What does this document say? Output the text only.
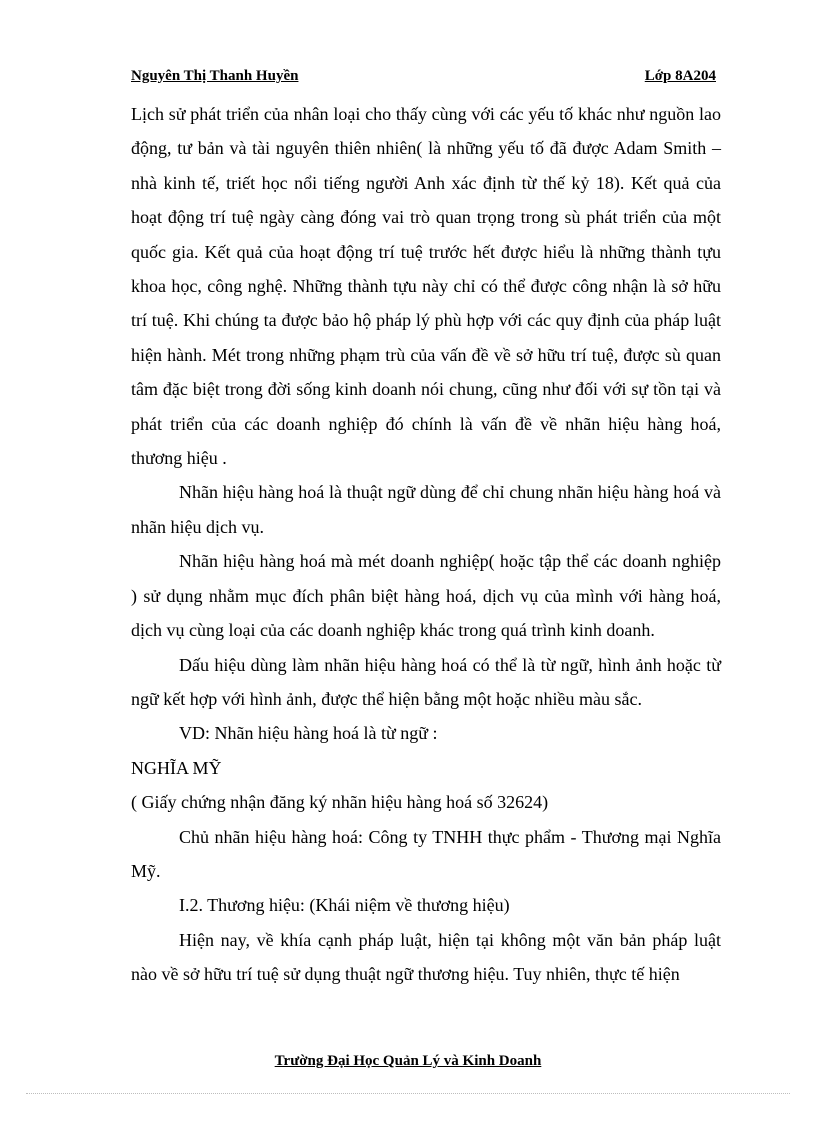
Nguyên Thị Thanh Huyền	Lớp 8A204

Lịch sử phát triển của nhân loại cho thấy cùng với các yếu tố khác như nguồn lao động, tư bản và tài nguyên thiên nhiên( là những yếu tố đã được Adam Smith – nhà kinh tế, triết học nổi tiếng người Anh xác định từ thế kỷ 18). Kết quả của hoạt động trí tuệ ngày càng đóng vai trò quan trọng trong sù phát triển của một quốc gia. Kết quả của hoạt động trí tuệ trước hết được hiểu là những thành tựu khoa học, công nghệ. Những thành tựu này chỉ có thể được công nhận là sở hữu trí tuệ. Khi chúng ta được bảo hộ pháp lý phù hợp với các quy định của pháp luật hiện hành. Mét trong những phạm trù của vấn đề về sở hữu trí tuệ, được sù quan tâm đặc biệt trong đời sống kinh doanh nói chung, cũng như đối với sự tồn tại và phát triển của các doanh nghiệp đó chính là vấn đề về nhãn hiệu hàng hoá, thương hiệu .

Nhãn hiệu hàng hoá là thuật ngữ dùng để chỉ chung nhãn hiệu hàng hoá và nhãn hiệu dịch vụ.

Nhãn hiệu hàng hoá mà mét doanh nghiệp( hoặc tập thể các doanh nghiệp ) sử dụng nhằm mục đích phân biệt hàng hoá, dịch vụ của mình với hàng hoá, dịch vụ cùng loại của các doanh nghiệp khác trong quá trình kinh doanh.

Dấu hiệu dùng làm nhãn hiệu hàng hoá có thể là từ ngữ, hình ảnh hoặc từ ngữ kết hợp với hình ảnh, được thể hiện bằng một hoặc nhiều màu sắc.

VD: Nhãn hiệu hàng hoá là từ ngữ :

NGHĨA MỸ

( Giấy chứng nhận đăng ký nhãn hiệu hàng hoá số 32624)

Chủ nhãn hiệu hàng hoá: Công ty TNHH thực phẩm - Thương mại Nghĩa Mỹ.

I.2. Thương hiệu: (Khái niệm về thương hiệu)

Hiện nay, về khía cạnh pháp luật, hiện tại không một văn bản pháp luật nào về sở hữu trí tuệ sử dụng thuật ngữ thương hiệu. Tuy nhiên, thực tế hiện

Trường Đại Học Quản Lý và Kinh Doanh
